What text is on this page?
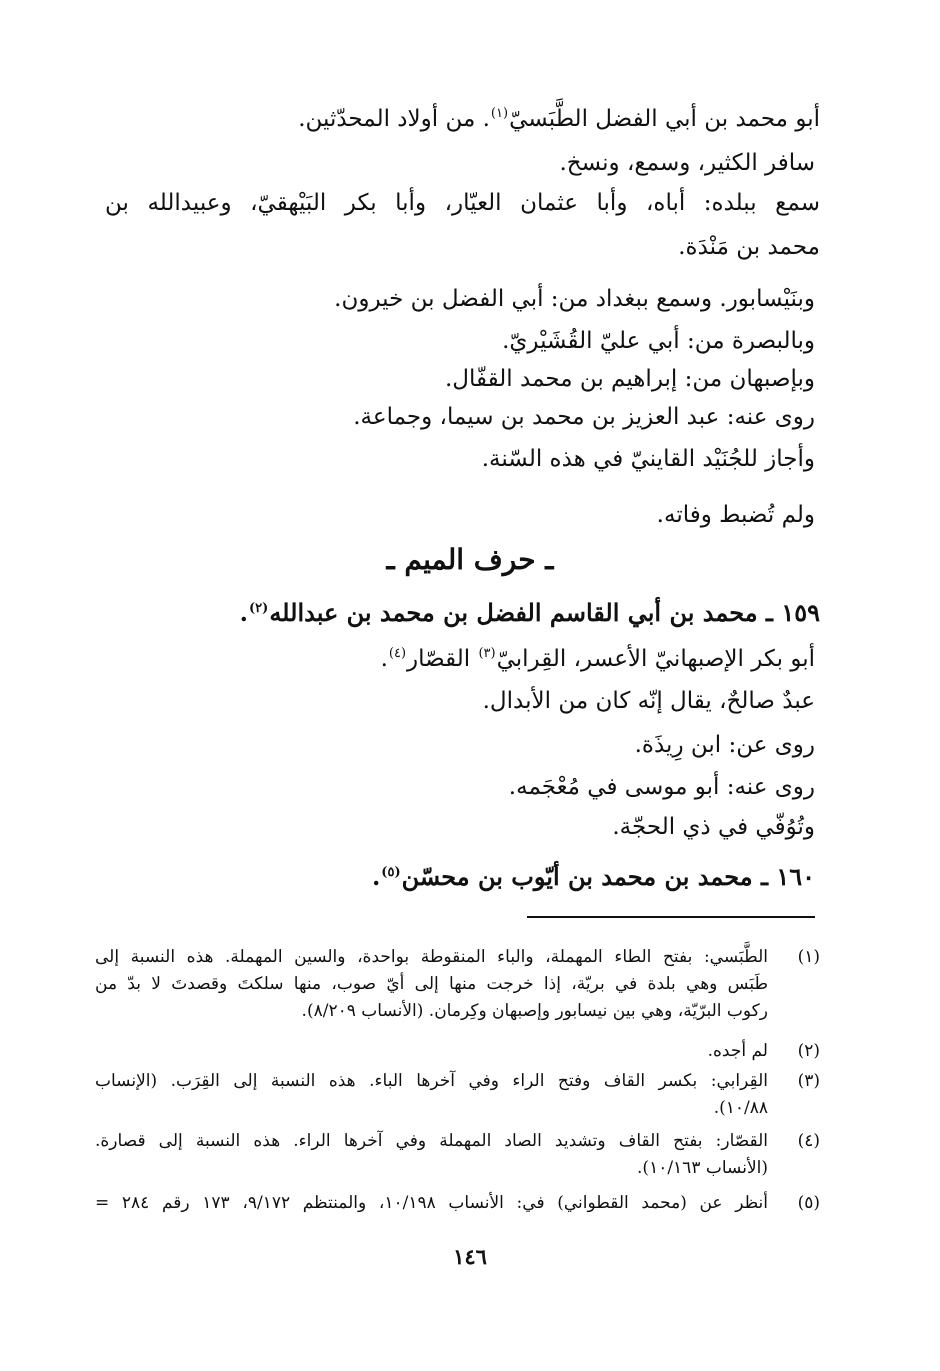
أبو محمد بن أبي الفضل الطَّبَسيّ$^{(١)}$. من أولاد المحدّثين.
سافر الكثير، وسمع، ونسخ.
سمع ببلده: أباه، وأبا عثمان العيّار، وأبا بكر البَيْهقيّ، وعبيدالله بن
محمد بن مَنْدَة.
وبنَيْسابور. وسمع ببغداد من: أبي الفضل بن خيرون.
وبالبصرة من: أبي عليّ القُشَيْريّ.
وبإصبهان من: إبراهيم بن محمد القفّال.
روى عنه: عبد العزيز بن محمد بن سيما، وجماعة.
وأجاز للجُنَيْد القاينيّ في هذه السّنة.
ولم تُضبط وفاته.
ـ حرف الميم ـ
١٥٩ ـ محمد بن أبي القاسم الفضل بن محمد بن عبدالله$^{(٢)}$.
أبو بكر الإصبهانيّ الأعسر، القِرابيّ$^{(٣)}$ القصّار$^{(٤)}$.
عبدٌ صالحٌ، يقال إنّه كان من الأبدال.
روى عن: ابن رِيذَة.
روى عنه: أبو موسى في مُعْجَمه.
وتُوُفّي في ذي الحجّة.
١٦٠ ـ محمد بن محمد بن أيّوب بن محسّن$^{(٥)}$.
(١)
الطَّبَسي: بفتح الطاء المهملة، والباء المنقوطة بواحدة، والسين المهملة. هذه النسبة إلى
طَبَس وهي بلدة في بريّة، إذا خرجت منها إلى أيّ صوب، منها سلكتَ وقصدتَ لا بدّ من
ركوب البرّيّة، وهي بين نيسابور وإصبهان وكِرمان. (الأنساب ٨/٢٠٩).
(٢)
لم أجده.
(٣)
القِرابي: بكسر القاف وفتح الراء وفي آخرها الباء. هذه النسبة إلى القِرَب. (الإنساب
١٠/٨٨).
(٤)
القصّار: بفتح القاف وتشديد الصاد المهملة وفي آخرها الراء. هذه النسبة إلى قصارة.
(الأنساب ١٠/١٦٣).
(٥)
أنظر عن (محمد القطواني) في: الأنساب ١٠/١٩٨، والمنتظم ٩/١٧٢، ١٧٣ رقم ٢٨٤ =
١٤٦
